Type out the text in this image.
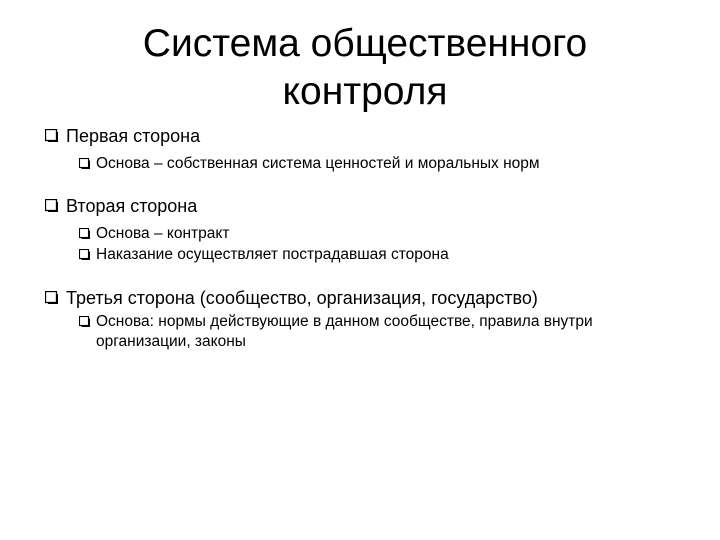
Система общественного контроля
Первая сторона
Основа – собственная система ценностей и моральных норм
Вторая сторона
Основа – контракт
Наказание осуществляет пострадавшая сторона
Третья сторона (сообщество, организация, государство)
Основа: нормы действующие в данном сообществе, правила внутри организации, законы
